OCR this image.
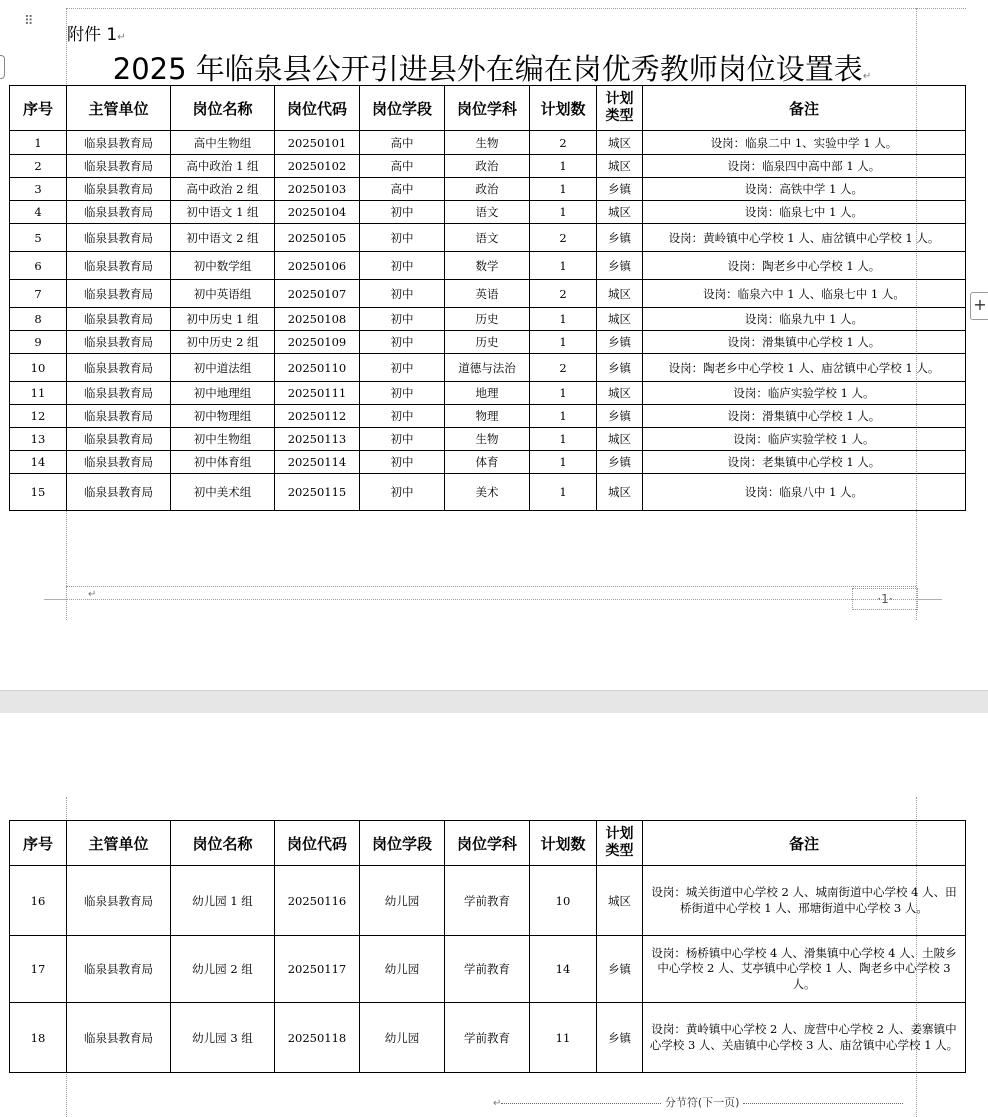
⠿
附件 1↵
2025 年临泉县公开引进县外在编在岗优秀教师岗位设置表↵
序号	主管单位	岗位名称	岗位代码	岗位学段	岗位学科	计划数	计划
类型	备注
1	临泉县教育局	高中生物组	20250101	高中	生物	2	城区	设岗：临泉二中 1、实验中学 1 人。
2	临泉县教育局	高中政治 1 组	20250102	高中	政治	1	城区	设岗：临泉四中高中部 1 人。
3	临泉县教育局	高中政治 2 组	20250103	高中	政治	1	乡镇	设岗：高铁中学 1 人。
4	临泉县教育局	初中语文 1 组	20250104	初中	语文	1	城区	设岗：临泉七中 1 人。
5	临泉县教育局	初中语文 2 组	20250105	初中	语文	2	乡镇	设岗：黄岭镇中心学校 1 人、庙岔镇中心学校 1 人。
6	临泉县教育局	初中数学组	20250106	初中	数学	1	乡镇	设岗：陶老乡中心学校 1 人。
7	临泉县教育局	初中英语组	20250107	初中	英语	2	城区	设岗：临泉六中 1 人、临泉七中 1 人。
8	临泉县教育局	初中历史 1 组	20250108	初中	历史	1	城区	设岗：临泉九中 1 人。
9	临泉县教育局	初中历史 2 组	20250109	初中	历史	1	乡镇	设岗：滑集镇中心学校 1 人。
10	临泉县教育局	初中道法组	20250110	初中	道德与法治	2	乡镇	设岗：陶老乡中心学校 1 人、庙岔镇中心学校 1 人。
11	临泉县教育局	初中地理组	20250111	初中	地理	1	城区	设岗：临庐实验学校 1 人。
12	临泉县教育局	初中物理组	20250112	初中	物理	1	乡镇	设岗：滑集镇中心学校 1 人。
13	临泉县教育局	初中生物组	20250113	初中	生物	1	城区	设岗：临庐实验学校 1 人。
14	临泉县教育局	初中体育组	20250114	初中	体育	1	乡镇	设岗：老集镇中心学校 1 人。
15	临泉县教育局	初中美术组	20250115	初中	美术	1	城区	设岗：临泉八中 1 人。
+
↵	·1·
序号	主管单位	岗位名称	岗位代码	岗位学段	岗位学科	计划数	计划
类型	备注
16	临泉县教育局	幼儿园 1 组	20250116	幼儿园	学前教育	10	城区	设岗：城关街道中心学校 2 人、城南街道中心学校 4 人、田桥街道中心学校 1 人、邢塘街道中心学校 3 人。
17	临泉县教育局	幼儿园 2 组	20250117	幼儿园	学前教育	14	乡镇	设岗：杨桥镇中心学校 4 人、滑集镇中心学校 4 人、土陂乡中心学校 2 人、艾亭镇中心学校 1 人、陶老乡中心学校 3 人。
18	临泉县教育局	幼儿园 3 组	20250118	幼儿园	学前教育	11	乡镇	设岗：黄岭镇中心学校 2 人、庞营中心学校 2 人、姜寨镇中心学校 3 人、关庙镇中心学校 3 人、庙岔镇中心学校 1 人。
↵	分节符(下一页)
